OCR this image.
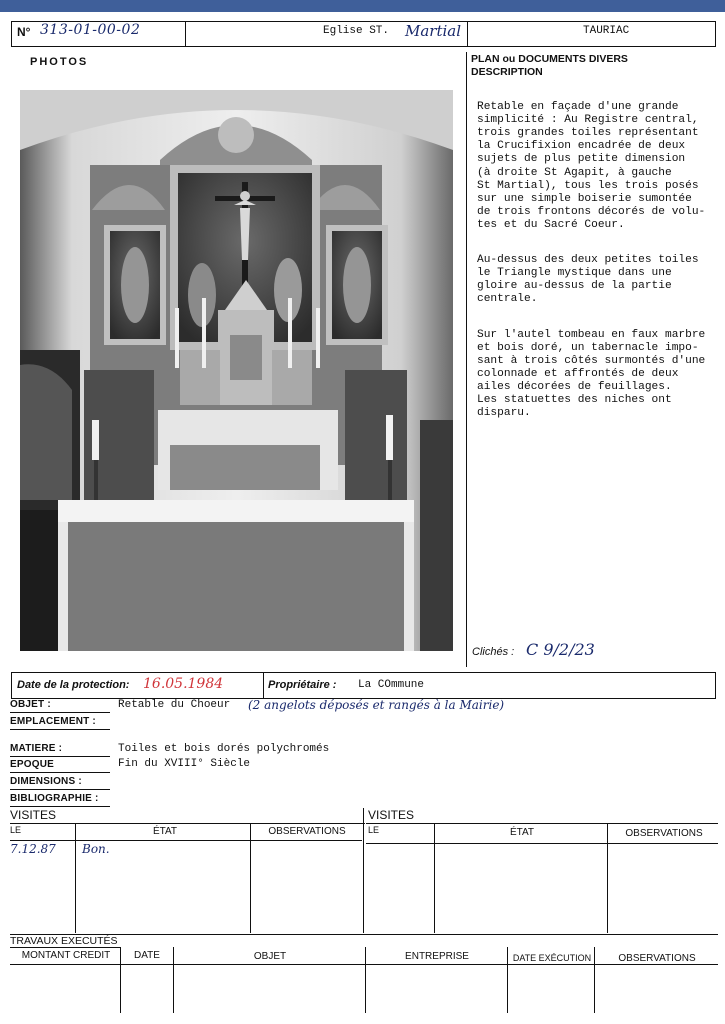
N° 313-01-00-02	Eglise ST. Martial	TAURIAC
PHOTOS	PLAN ou DOCUMENTS DIVERS
DESCRIPTION

Retable en façade d'une grande
simplicité : Au Registre central,
trois grandes toiles représentant
la Crucifixion encadrée de deux
sujets de plus petite dimension
(à droite St Agapit, à gauche
St Martial), tous les trois posés
sur une simple boiserie sumontée
de trois frontons décorés de volu-
tes et du Sacré Coeur.

Au-dessus des deux petites toiles
le Triangle mystique dans une
gloire au-dessus de la partie
centrale.

Sur l'autel tombeau en faux marbre
et bois doré, un tabernacle impo-
sant à trois côtés surmontés d'une
colonnade et affrontés de deux
ailes décorées de feuillages.
Les statuettes des niches ont
disparu.

Clichés : C 9/2/23
Date de la protection: 16.05.1984	Propriétaire : La COmmune
OBJET :	Retable du Choeur (2 angelots déposés et rangés à la Mairie)
EMPLACEMENT :
MATIERE :	Toiles et bois dorés polychromés
EPOQUE	Fin du XVIII° Siècle
DIMENSIONS :
BIBLIOGRAPHIE :
VISITES	VISITES
LE	ÉTAT	OBSERVATIONS	LE	ÉTAT	OBSERVATIONS
7.12.87 Bon.
TRAVAUX EXECUTÉS
MONTANT CREDIT	DATE	OBJET	ENTREPRISE	DATE EXÉCUTION	OBSERVATIONS
